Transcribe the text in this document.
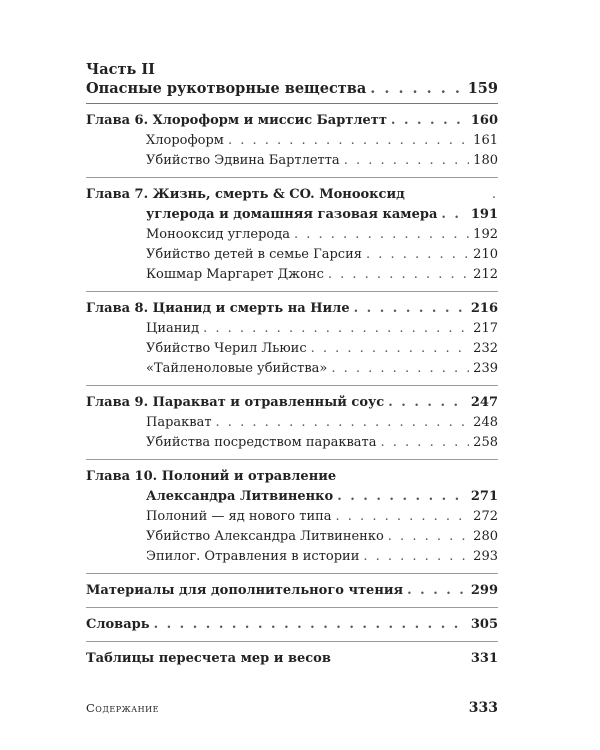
Часть II
Опасные рукотворные вещества . . .	159
Глава 6. Хлороформ и миссис Бартлетт . . .	160
Хлороформ . . .	161
Убийство Эдвина Бартлетта . . .	180
Глава 7. Жизнь, смерть & CO. Монооксид	.
углерода и домашняя газовая камера . . .	191
Монооксид углерода . . .	192
Убийство детей в семье Гарсия . . .	210
Кошмар Маргарет Джонс . . .	212
Глава 8. Цианид и смерть на Ниле . . .	216
Цианид . . .	217
Убийство Черил Льюис . . .	232
«Тайленоловые убийства» . . .	239
Глава 9. Паракват и отравленный соус . . .	247
Паракват . . .	248
Убийства посредством параквата . . .	258
Глава 10. Полоний и отравление
Александра Литвиненко . . .	271
Полоний — яд нового типа . . .	272
Убийство Александра Литвиненко . . .	280
Эпилог. Отравления в истории . . .	293
Материалы для дополнительного чтения . . .	299
Словарь . . .	305
Таблицы пересчета мер и весов	331
Содержание	333
